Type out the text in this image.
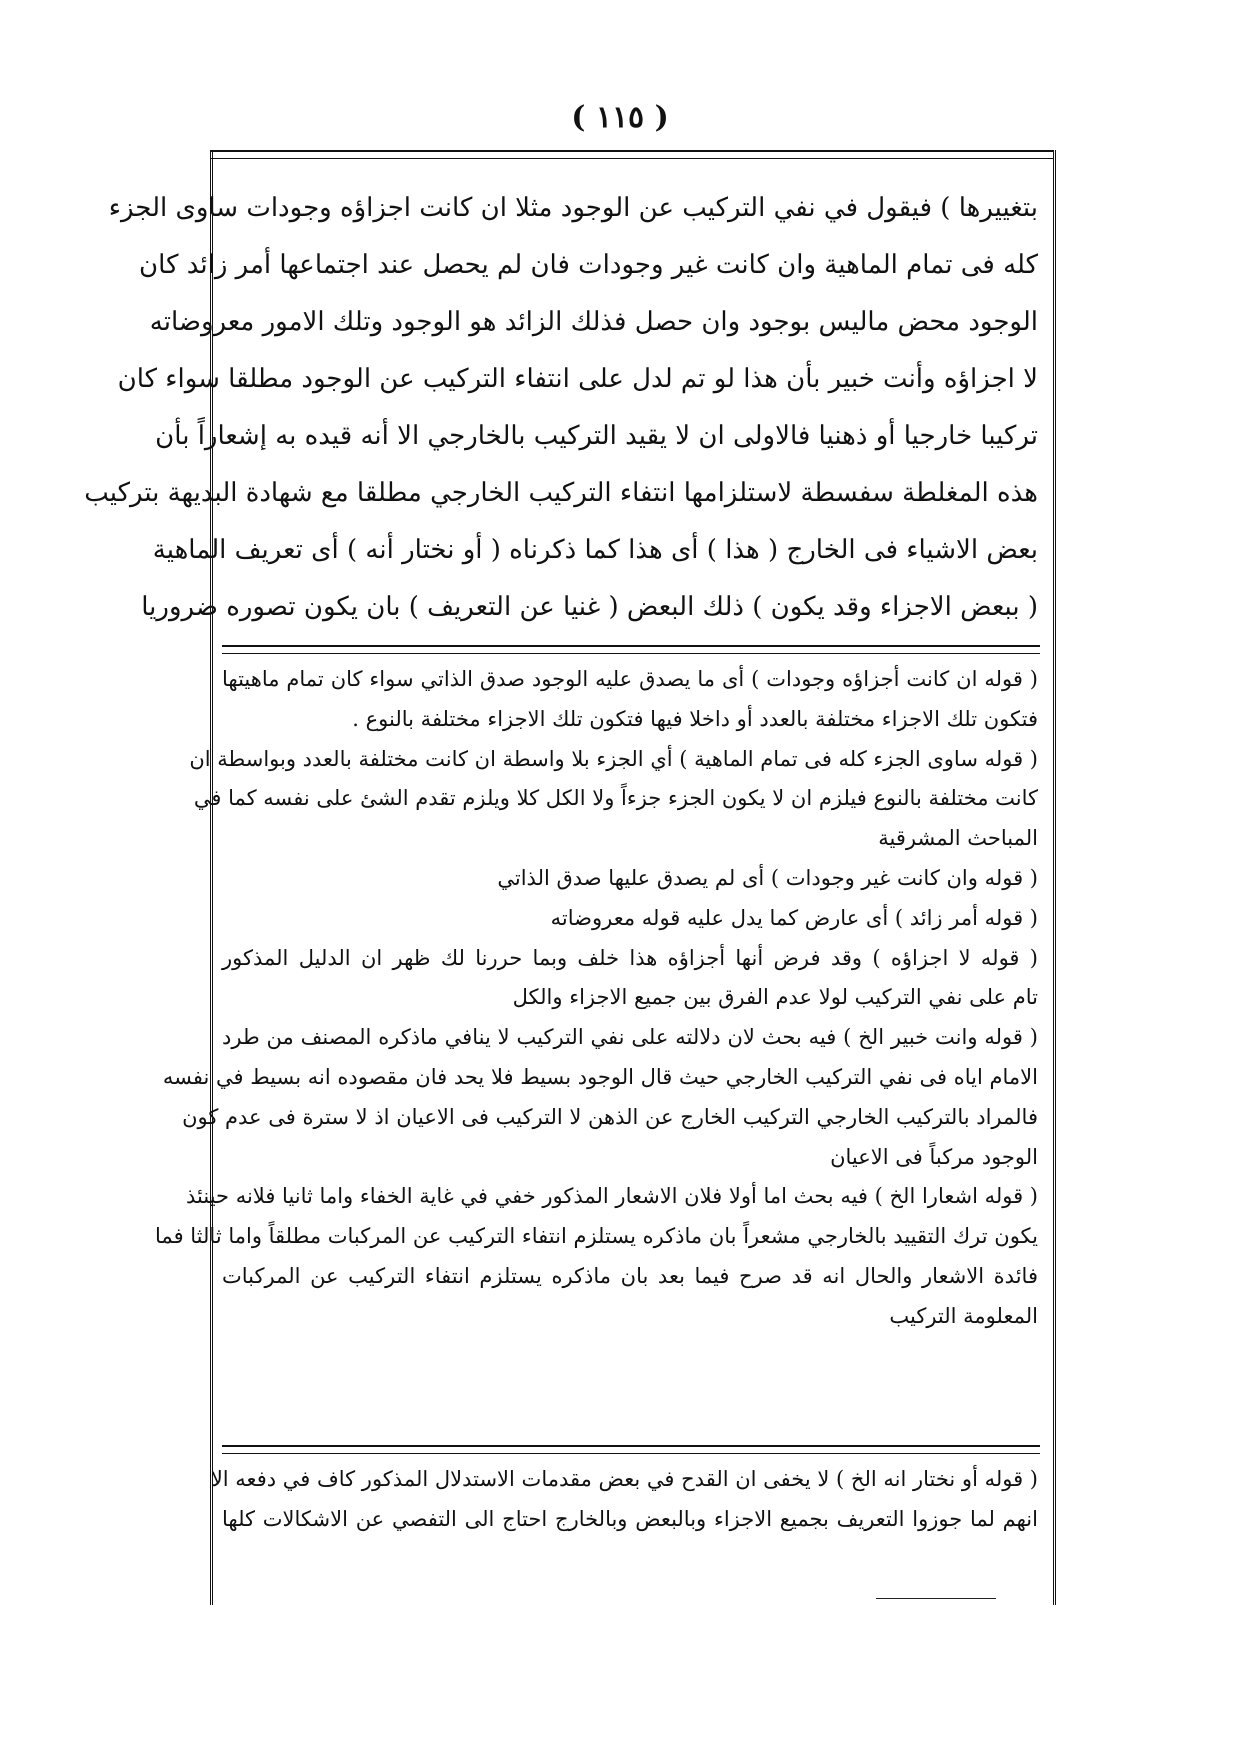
( ١١٥ )
بتغييرها ) فيقول في نفي التركيب عن الوجود مثلا ان كانت اجزاؤه وجودات ساوى الجزء
كله فى تمام الماهية وان كانت غير وجودات فان لم يحصل عند اجتماعها أمر زائد كان
الوجود محض ماليس بوجود وان حصل فذلك الزائد هو الوجود وتلك الامور معروضاته
لا اجزاؤه وأنت خبير بأن هذا لو تم لدل على انتفاء التركيب عن الوجود مطلقا سواء كان
تركيبا خارجيا أو ذهنيا فالاولى ان لا يقيد التركيب بالخارجي الا أنه قيده به إشعاراً بأن
هذه المغلطة سفسطة لاستلزامها انتفاء التركيب الخارجي مطلقا مع شهادة البديهة بتركيب
بعض الاشياء فى الخارج ( هذا ) أى هذا كما ذكرناه ( أو نختار أنه ) أى تعريف الماهية
( ببعض الاجزاء وقد يكون ) ذلك البعض ( غنيا عن التعريف ) بان يكون تصوره ضروريا
( قوله ان كانت أجزاؤه وجودات ) أى ما يصدق عليه الوجود صدق الذاتي سواء كان تمام ماهيتها
فتكون تلك الاجزاء مختلفة بالعدد أو داخلا فيها فتكون تلك الاجزاء مختلفة بالنوع .
( قوله ساوى الجزء كله فى تمام الماهية ) أي الجزء بلا واسطة ان كانت مختلفة بالعدد وبواسطة ان
كانت مختلفة بالنوع فيلزم ان لا يكون الجزء جزءاً ولا الكل كلا ويلزم تقدم الشئ على نفسه كما في
المباحث المشرقية
( قوله وان كانت غير وجودات ) أى لم يصدق عليها صدق الذاتي
( قوله أمر زائد ) أى عارض كما يدل عليه قوله معروضاته
( قوله لا اجزاؤه ) وقد فرض أنها أجزاؤه هذا خلف وبما حررنا لك ظهر ان الدليل المذكور
تام على نفي التركيب لولا عدم الفرق بين جميع الاجزاء والكل
( قوله وانت خبير الخ ) فيه بحث لان دلالته على نفي التركيب لا ينافي ماذكره المصنف من طرد
الامام اياه فى نفي التركيب الخارجي حيث قال الوجود بسيط فلا يحد فان مقصوده انه بسيط في نفسه
فالمراد بالتركيب الخارجي التركيب الخارج عن الذهن لا التركيب فى الاعيان اذ لا سترة فى عدم كون
الوجود مركباً فى الاعيان
( قوله اشعارا الخ ) فيه بحث اما أولا فلان الاشعار المذكور خفي في غاية الخفاء واما ثانيا فلانه حينئذ
يكون ترك التقييد بالخارجي مشعراً بان ماذكره يستلزم انتفاء التركيب عن المركبات مطلقاً واما ثالثا فما
فائدة الاشعار والحال انه قد صرح فيما بعد بان ماذكره يستلزم انتفاء التركيب عن المركبات
المعلومة التركيب
( قوله أو نختار انه الخ ) لا يخفى ان القدح في بعض مقدمات الاستدلال المذكور كاف في دفعه الا
انهم لما جوزوا التعريف بجميع الاجزاء وبالبعض وبالخارج احتاج الى التفصي عن الاشكالات كلها
